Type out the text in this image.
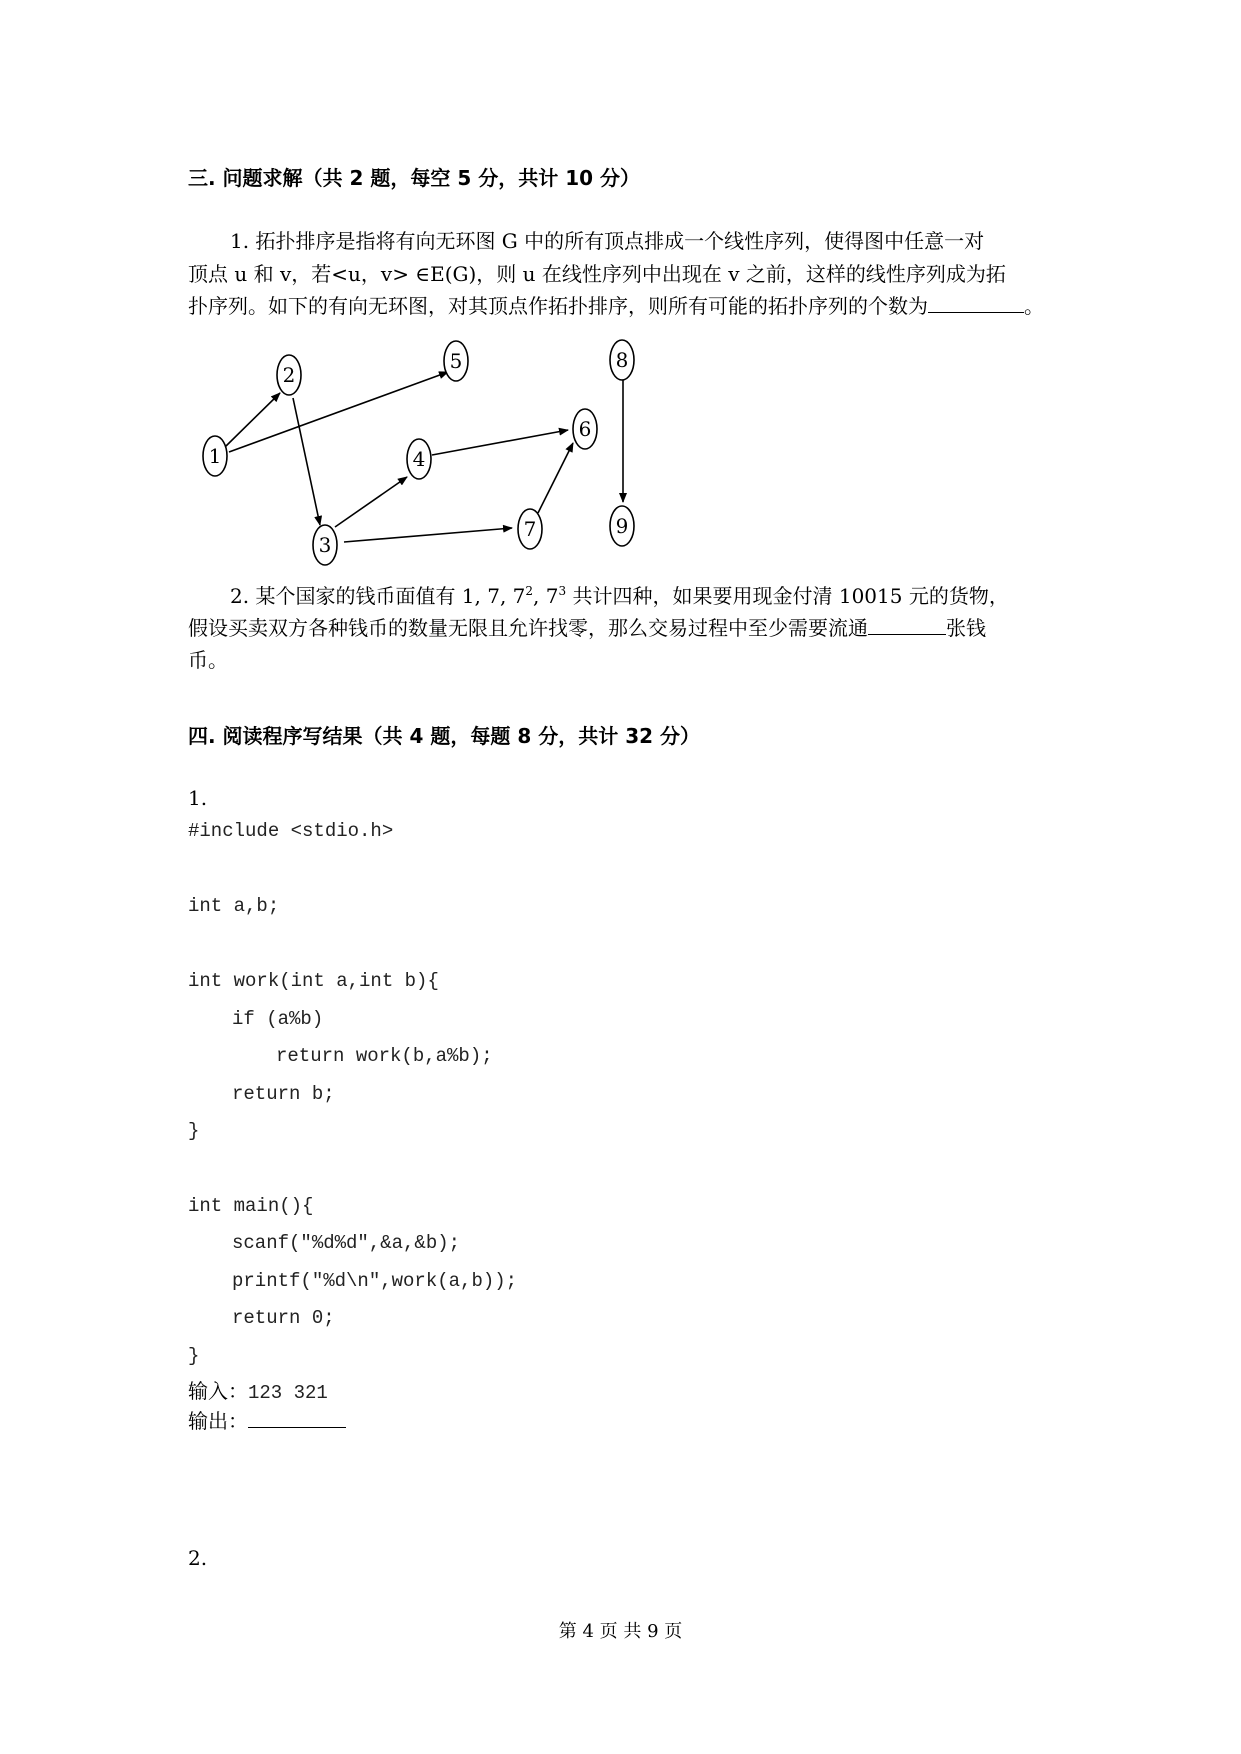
三. 问题求解（共 2 题，每空 5 分，共计 10 分）
1. 拓扑排序是指将有向无环图 G 中的所有顶点排成一个线性序列，使得图中任意一对
顶点 u 和 v，若<u，v> ∈E(G)，则 u 在线性序列中出现在 v 之前，这样的线性序列成为拓
扑序列。如下的有向无环图，对其顶点作拓扑排序，则所有可能的拓扑序列的个数为	。
1
2
3
4
5
6
7
8
9
2. 某个国家的钱币面值有 1, 7, $7^2$, $7^3$ 共计四种，如果要用现金付清 10015 元的货物，
假设买卖双方各种钱币的数量无限且允许找零，那么交易过程中至少需要流通	张钱
币。
四. 阅读程序写结果（共 4 题，每题 8 分，共计 32 分）
1.
#include <stdio.h>
int a,b;
int work(int a,int b){
if (a%b)
return work(b,a%b);
return b;
}
int main(){
scanf("%d%d",&a,&b);
printf("%d\n",work(a,b));
return 0;
}
输入：123 321
输出：
2.
第 4 页 共 9 页
